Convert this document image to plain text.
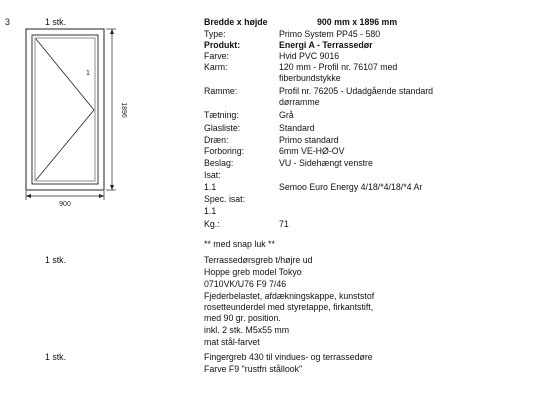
3	1 stk.
1
900
1896
Bredde x højde	900 mm x 1896 mm
Type:	Primo System PP45 - 580
Produkt:	Energi A - Terrassedør
Farve:	Hvid PVC 9016
Karm:	120 mm - Profil nr. 76107 med
fiberbundstykke
Ramme:	Profil nr. 76205 - Udadgående standard
dørramme
Tætning:	Grå
Glasliste:	Standard
Dræn:	Primo standard
Forboring:	6mm VE-HØ-OV
Beslag:	VU - Sidehængt venstre
Isat:
1.1	Semoo Euro Energy 4/18/*4/18/*4 Ar
Spec. isat:
1.1
Kg.:	71
** med snap luk **
1 stk.	Terrassedørsgreb t/højre ud
Hoppe greb model Tokyo
0710VK/U76 F9 7/46
Fjederbelastet, afdækningskappe, kunststof
rosetteunderdel med styretappe, firkantstift,
med 90 gr. position.
inkl. 2 stk. M5x55 mm
mat stål-farvet
1 stk.	Fingergreb 430 til vindues- og terrassedøre
Farve F9 "rustfri stållook"
